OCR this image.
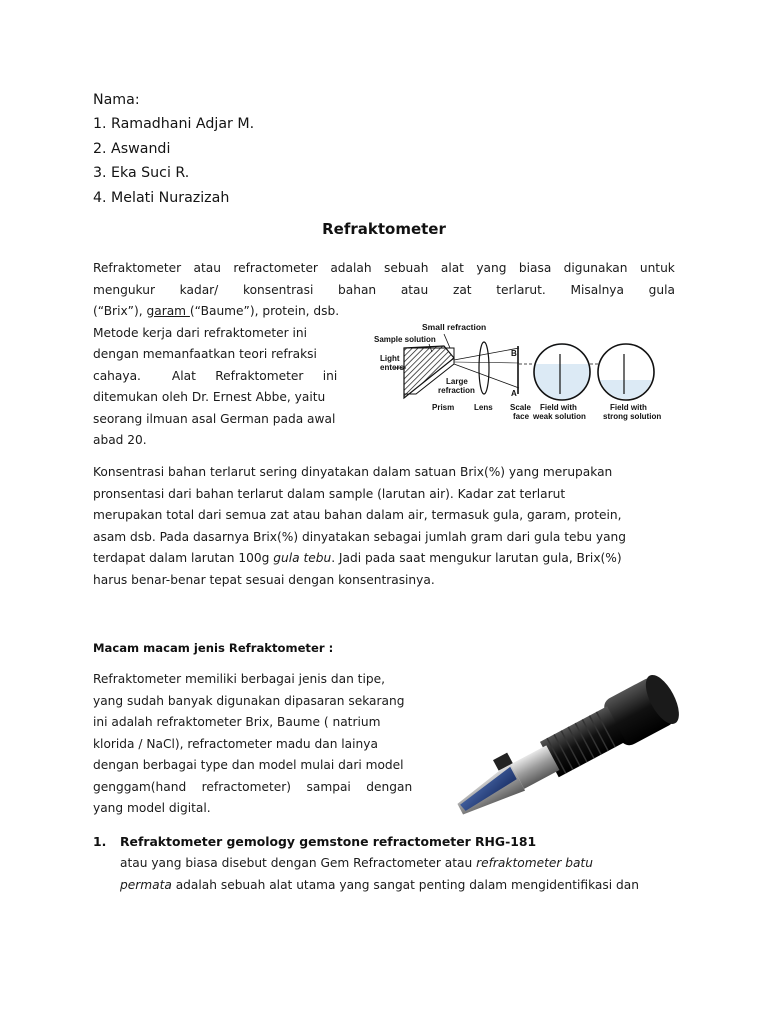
Nama:
1. Ramadhani Adjar M.
2. Aswandi
3. Eka Suci R.
4. Melati Nurazizah
Refraktometer
Refraktometer atau refractometer adalah sebuah alat yang biasa digunakan untuk
mengukur kadar/ konsentrasi bahan atau zat terlarut. Misalnya gula
(“Brix”), garam (“Baume”), protein, dsb.
Metode kerja dari refraktometer ini
dengan memanfaatkan teori refraksi
cahaya.        Alat     Refraktometer     ini
ditemukan oleh Dr. Ernest Abbe, yaitu
seorang ilmuan asal German pada awal
abad 20.
Small refraction
Sample solution
Light
enters
Large
refraction
Prism Lens Scale
face
Field with
weak solution
Field with
strong solution
B
A
Konsentrasi bahan terlarut sering dinyatakan dalam satuan Brix(%) yang merupakan
pronsentasi dari bahan terlarut dalam sample (larutan air). Kadar zat terlarut
merupakan total dari semua zat atau bahan dalam air, termasuk gula, garam, protein,
asam dsb. Pada dasarnya Brix(%) dinyatakan sebagai jumlah gram dari gula tebu yang
terdapat dalam larutan 100g gula tebu. Jadi pada saat mengukur larutan gula, Brix(%)
harus benar-benar tepat sesuai dengan konsentrasinya.
Macam macam jenis Refraktometer :
Refraktometer memiliki berbagai jenis dan tipe,
yang sudah banyak digunakan dipasaran sekarang
ini adalah refraktometer Brix, Baume ( natrium
klorida / NaCl), refractometer madu dan lainya
dengan berbagai type dan model mulai dari model
genggam(hand    refractometer)    sampai    dengan
yang model digital.
1. Refraktometer gemology gemstone refractometer RHG-181
atau yang biasa disebut dengan Gem Refractometer atau refraktometer batu
permata adalah sebuah alat utama yang sangat penting dalam mengidentifikasi dan
